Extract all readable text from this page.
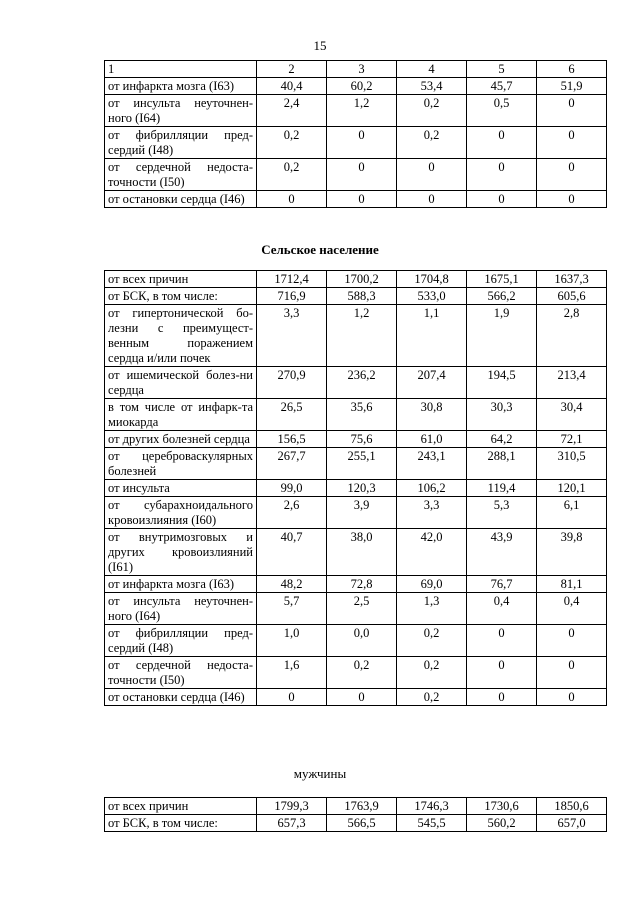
15
1	2	3	4	5	6
от инфаркта мозга (I63)	40,4	60,2	53,4	45,7	51,9
от инсульта неуточнен-ного (I64)	2,4	1,2	0,2	0,5	0
от фибрилляции пред-сердий (I48)	0,2	0	0,2	0	0
от сердечной недоста-точности (I50)	0,2	0	0	0	0
от остановки сердца (I46)	0	0	0	0	0
Сельское население
от всех причин	1712,4	1700,2	1704,8	1675,1	1637,3
от БСК, в том числе:	716,9	588,3	533,0	566,2	605,6
от гипертонической бо-лезни с преимущест-венным поражением сердца и/или почек	3,3	1,2	1,1	1,9	2,8
от ишемической болез-ни сердца	270,9	236,2	207,4	194,5	213,4
в том числе от инфарк-та миокарда	26,5	35,6	30,8	30,3	30,4
от других болезней сердца	156,5	75,6	61,0	64,2	72,1
от цереброваскулярных болезней	267,7	255,1	243,1	288,1	310,5
от инсульта	99,0	120,3	106,2	119,4	120,1
от субарахноидального кровоизлияния (I60)	2,6	3,9	3,3	5,3	6,1
от внутримозговых и других кровоизлияний (I61)	40,7	38,0	42,0	43,9	39,8
от инфаркта мозга (I63)	48,2	72,8	69,0	76,7	81,1
от инсульта неуточнен-ного (I64)	5,7	2,5	1,3	0,4	0,4
от фибрилляции пред-сердий (I48)	1,0	0,0	0,2	0	0
от сердечной недоста-точности (I50)	1,6	0,2	0,2	0	0
от остановки сердца (I46)	0	0	0,2	0	0
мужчины
от всех причин	1799,3	1763,9	1746,3	1730,6	1850,6
от БСК, в том числе:	657,3	566,5	545,5	560,2	657,0
